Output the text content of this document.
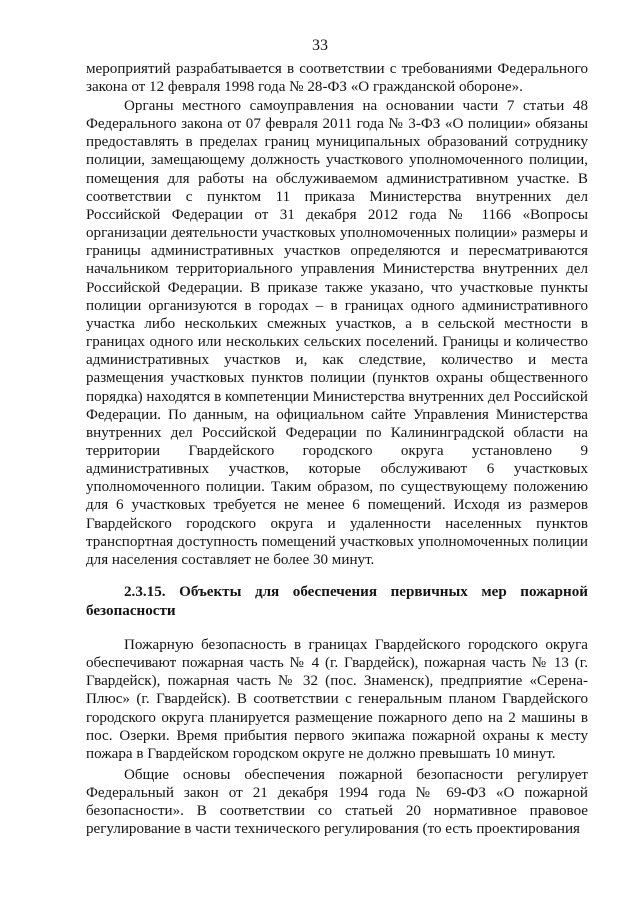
33

мероприятий разрабатывается в соответствии с требованиями Федерального закона от 12 февраля 1998 года № 28-ФЗ «О гражданской обороне».

Органы местного самоуправления на основании части 7 статьи 48 Федерального закона от 07 февраля 2011 года № 3-ФЗ «О полиции» обязаны предоставлять в пределах границ муниципальных образований сотруднику полиции, замещающему должность участкового уполномоченного полиции, помещения для работы на обслуживаемом административном участке. В соответствии с пунктом 11 приказа Министерства внутренних дел Российской Федерации от 31 декабря 2012 года № 1166 «Вопросы организации деятельности участковых уполномоченных полиции» размеры и границы административных участков определяются и пересматриваются начальником территориального управления Министерства внутренних дел Российской Федерации. В приказе также указано, что участковые пункты полиции организуются в городах – в границах одного административного участка либо нескольких смежных участков, а в сельской местности в границах одного или нескольких сельских поселений. Границы и количество административных участков и, как следствие, количество и места размещения участковых пунктов полиции (пунктов охраны общественного порядка) находятся в компетенции Министерства внутренних дел Российской Федерации. По данным, на официальном сайте Управления Министерства внутренних дел Российской Федерации по Калининградской области на территории Гвардейского городского округа установлено 9 административных участков, которые обслуживают 6 участковых уполномоченного полиции. Таким образом, по существующему положению для 6 участковых требуется не менее 6 помещений. Исходя из размеров Гвардейского городского округа и удаленности населенных пунктов транспортная доступность помещений участковых уполномоченных полиции для населения составляет не более 30 минут.

2.3.15. Объекты для обеспечения первичных мер пожарной безопасности

Пожарную безопасность в границах Гвардейского городского округа обеспечивают пожарная часть № 4 (г. Гвардейск), пожарная часть № 13 (г. Гвардейск), пожарная часть № 32 (пос. Знаменск), предприятие «Серена-Плюс» (г. Гвардейск). В соответствии с генеральным планом Гвардейского городского округа планируется размещение пожарного депо на 2 машины в пос. Озерки. Время прибытия первого экипажа пожарной охраны к месту пожара в Гвардейском городском округе не должно превышать 10 минут.

Общие основы обеспечения пожарной безопасности регулирует Федеральный закон от 21 декабря 1994 года № 69-ФЗ «О пожарной безопасности». В соответствии со статьей 20 нормативное правовое регулирование в части технического регулирования (то есть проектирования
